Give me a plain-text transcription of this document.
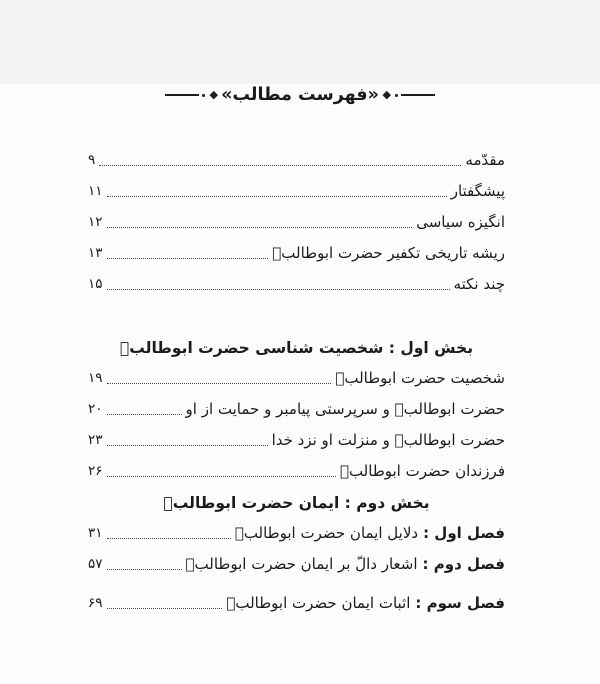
«فهرست مطالب»
مقدّمه
۹
پیشگفتار
۱۱
انگیزه سیاسی
۱۲
ریشه تاریخی تکفیر حضرت ابوطالبؑ
۱۳
چند نکته
۱۵
بخش اول : شخصیت شناسی حضرت ابوطالبؑ
شخصیت حضرت ابوطالبؑ
۱۹
حضرت ابوطالبؑ و سرپرستی پیامبر و حمایت از او
۲۰
حضرت ابوطالبؑ و منزلت او نزد خدا
۲۳
فرزندان حضرت ابوطالبؑ
۲۶
بخش دوم : ایمان حضرت ابوطالبؑ
فصل اول :
دلایل ایمان حضرت ابوطالبؑ
۳۱
فصل دوم :
اشعار دالّ بر ایمان حضرت ابوطالبؑ
۵۷
فصل سوم :
اثبات ایمان حضرت ابوطالبؑ
۶۹
